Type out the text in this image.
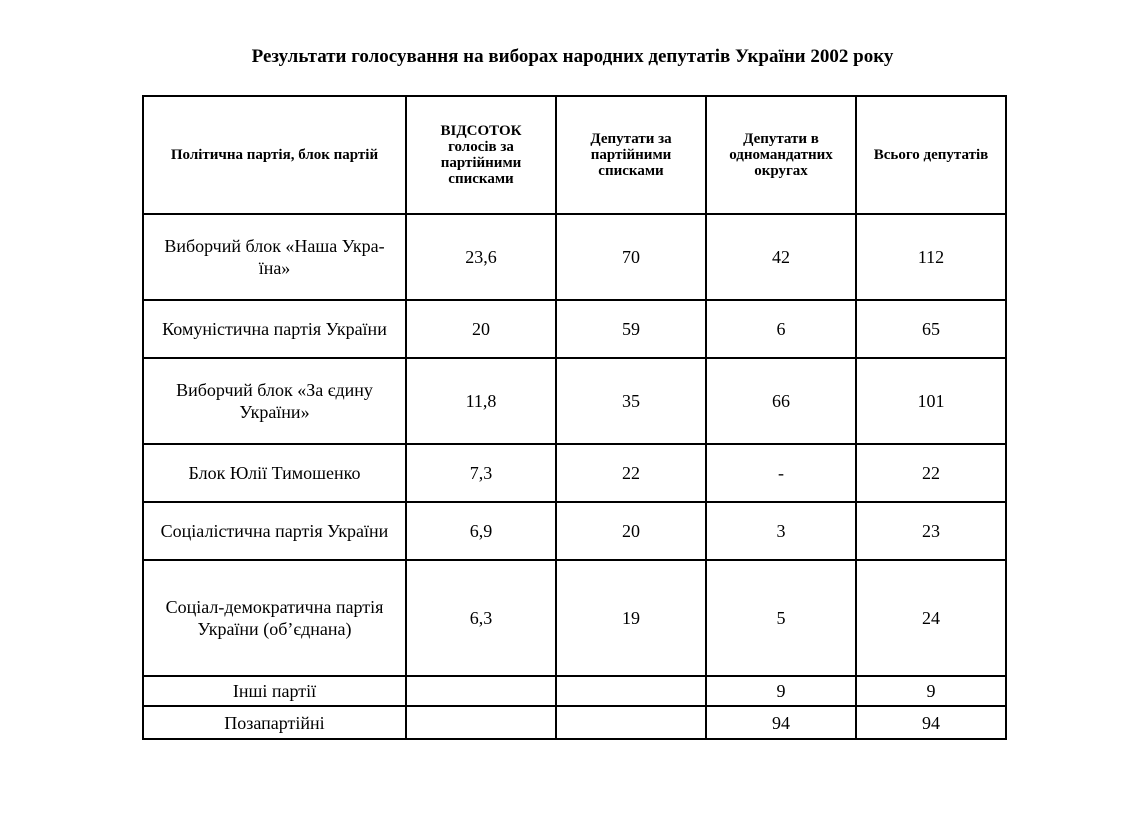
Результати голосування на виборах народних депутатів України 2002 року
Політична партія, блок партій	ВІДСОТОК голосів за партійними списками	Депутати за партійними списками	Депутати в одномандатних округах	Всього депутатів
Виборчий блок «Наша Укра-їна»	23,6	70	42	112
Комуністична партія України	20	59	6	65
Виборчий блок «За єдину України»	11,8	35	66	101
Блок Юлії Тимошенко	7,3	22	-	22
Соціалістична партія України	6,9	20	3	23
Соціал-демократична партія України (об’єднана)	6,3	19	5	24
Інші партії			9	9
Позапартійні			94	94
